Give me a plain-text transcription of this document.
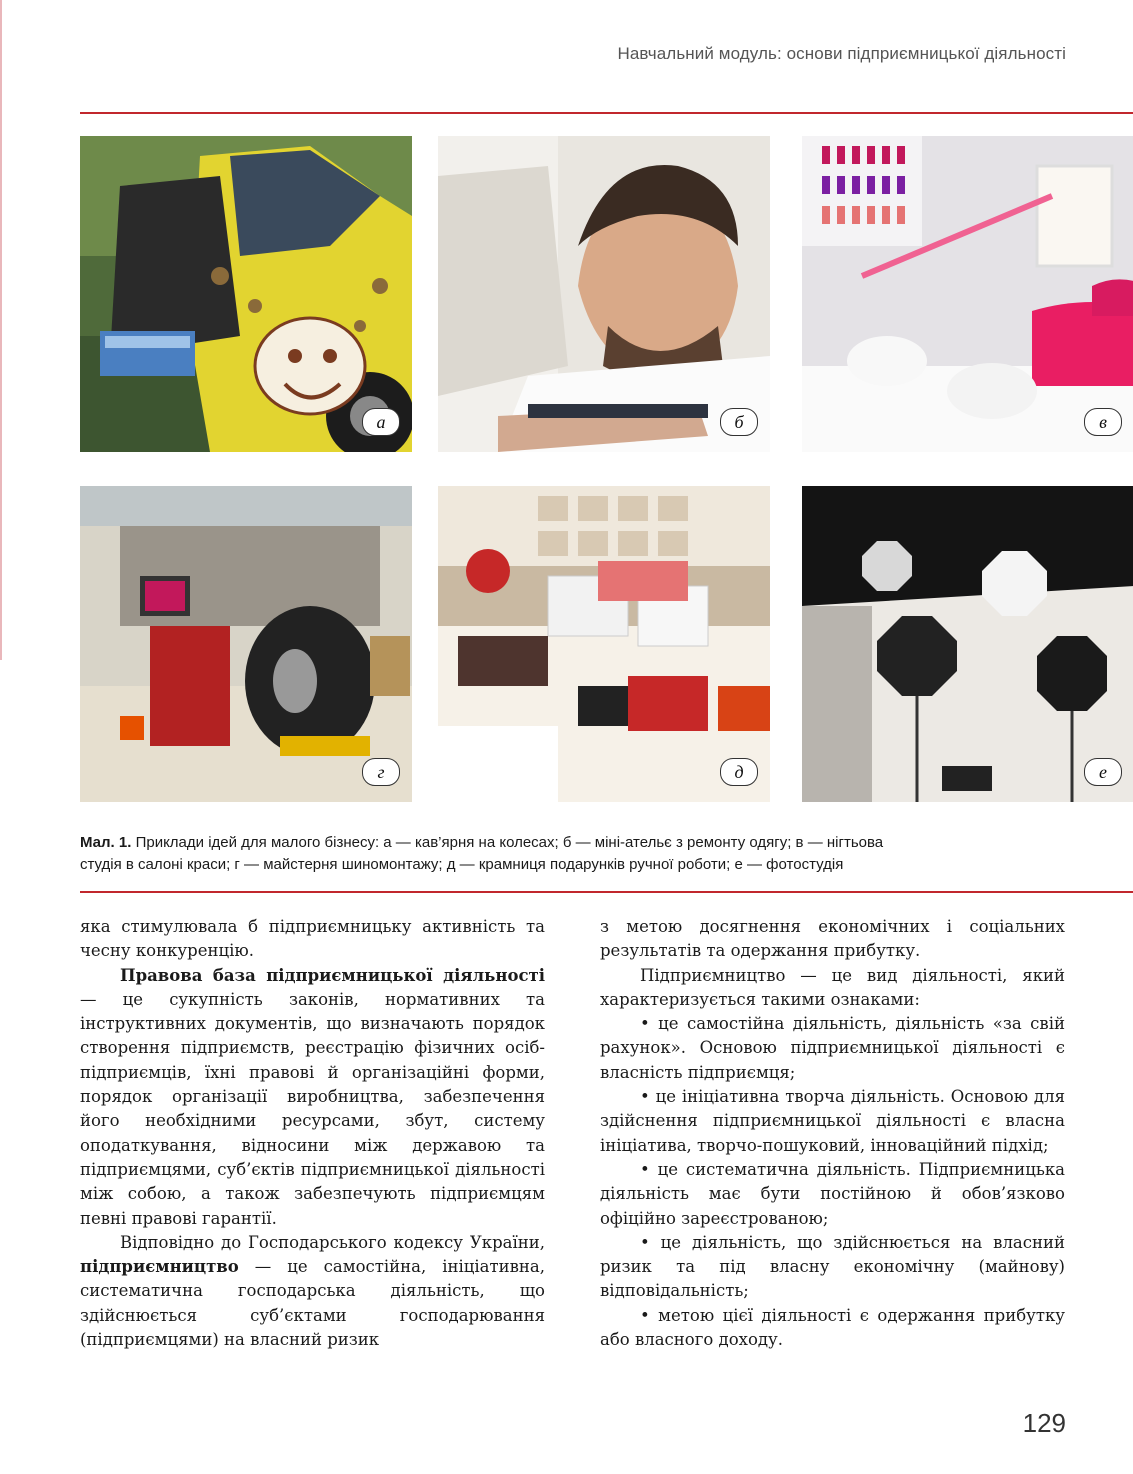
Навчальний модуль: основи підприємницької діяльності
а	б	в
г	д	е
Мал. 1. Приклади ідей для малого бізнесу: а — кав’ярня на колесах; б — міні-ательє з ремонту одягу; в — нігтьова
студія в салоні краси; г — майстерня шиномонтажу; д — крамниця подарунків ручної роботи; е — фотостудія

яка стимулювала б підприємницьку активність та чесну конкуренцію.

Правова база підприємницької діяльності — це сукупність законів, нормативних та інструктивних документів, що визначають порядок створення підприємств, реєстрацію фізичних осіб-підприємців, їхні правові й організаційні форми, порядок організації виробництва, забезпечення його необхідними ресурсами, збут, систему оподаткування, відносини між державою та підприємцями, суб’єктів підприємницької діяльності між собою, а також забезпечують підприємцям певні правові гарантії.

Відповідно до Господарського кодексу України, підприємництво — це самостійна, ініціативна, систематична господарська діяльність, що здійснюється суб’єктами господарювання (підприємцями) на власний ризик

з метою досягнення економічних і соціальних результатів та одержання прибутку.

Підприємництво — це вид діяльності, який характеризується такими ознаками:

• це самостійна діяльність, діяльність «за свій рахунок». Основою підприємницької діяльності є власність підприємця;

• це ініціативна творча діяльність. Основою для здійснення підприємницької діяльності є власна ініціатива, творчо-пошуковий, інноваційний підхід;

• це систематична діяльність. Підприємницька діяльність має бути постійною й обов’язково офіційно зареєстрованою;

• це діяльність, що здійснюється на власний ризик та під власну економічну (майнову) відповідальність;

• метою цієї діяльності є одержання прибутку або власного доходу.

129
